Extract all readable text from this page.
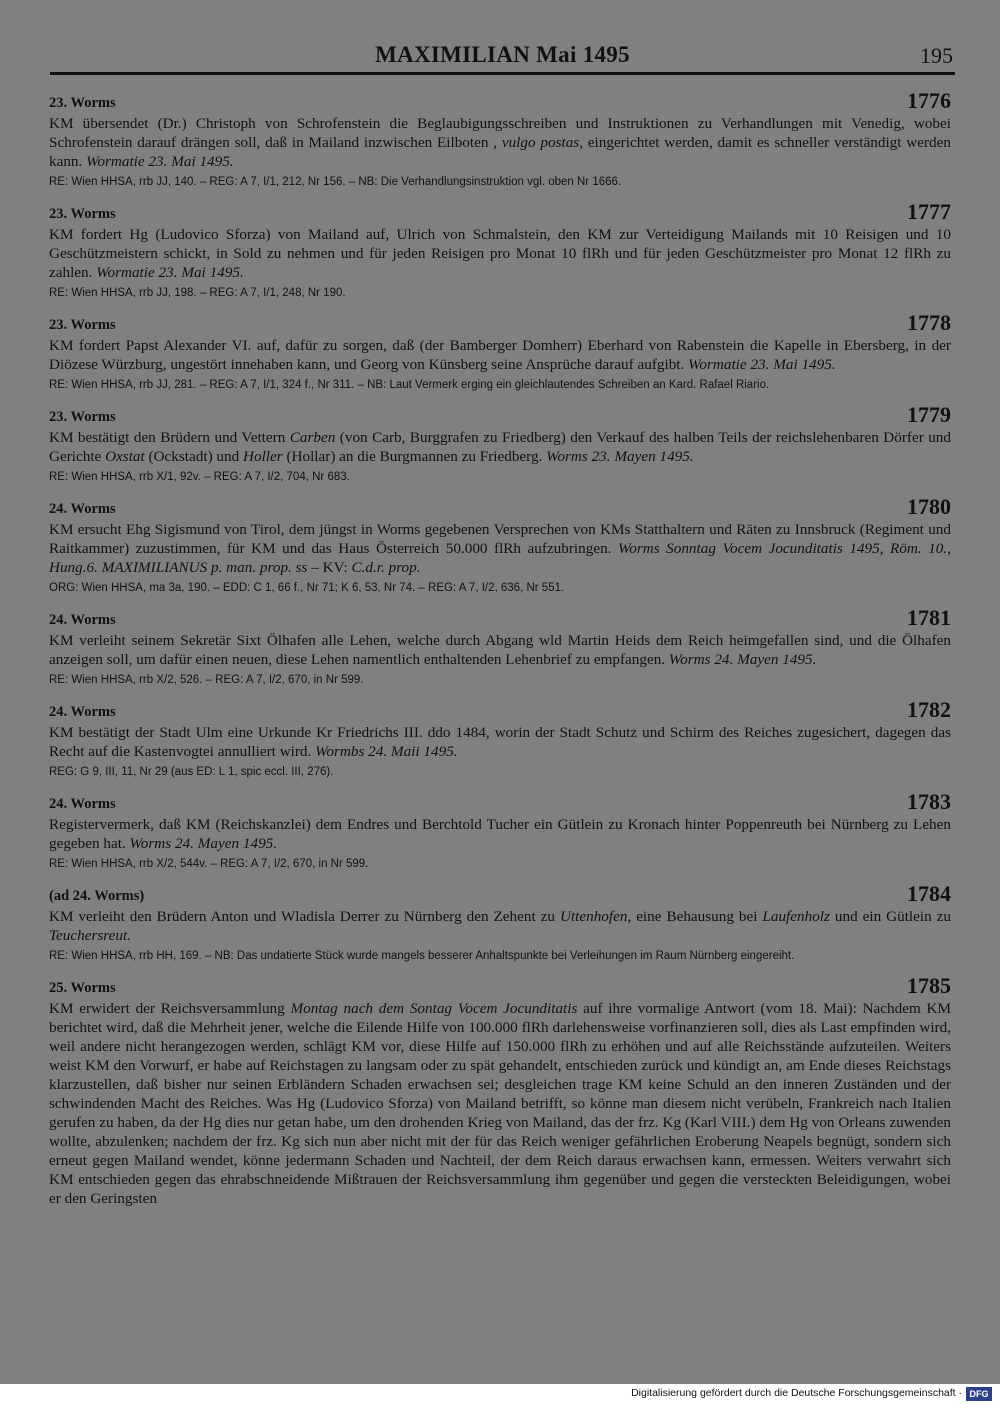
MAXIMILIAN Mai 1495	195
23. Worms	1776

KM übersendet (Dr.) Christoph von Schrofenstein die Beglaubigungsschreiben und Instruktionen zu Verhandlungen mit Venedig, wobei Schrofenstein darauf drängen soll, daß in Mailand inzwischen Eilboten , vulgo postas, eingerichtet werden, damit es schneller verständigt werden kann. Wormatie 23. Mai 1495.

RE: Wien HHSA, rrb JJ, 140. – REG: A 7, I/1, 212, Nr 156. – NB: Die Verhandlungsinstruktion vgl. oben Nr 1666.

23. Worms	1777

KM fordert Hg (Ludovico Sforza) von Mailand auf, Ulrich von Schmalstein, den KM zur Verteidigung Mailands mit 10 Reisigen und 10 Geschützmeistern schickt, in Sold zu nehmen und für jeden Reisigen pro Monat 10 flRh und für jeden Geschützmeister pro Monat 12 flRh zu zahlen. Wormatie 23. Mai 1495.

RE: Wien HHSA, rrb JJ, 198. – REG: A 7, I/1, 248, Nr 190.

23. Worms	1778

KM fordert Papst Alexander VI. auf, dafür zu sorgen, daß (der Bamberger Domherr) Eberhard von Rabenstein die Kapelle in Ebersberg, in der Diözese Würzburg, ungestört innehaben kann, und Georg von Künsberg seine Ansprüche darauf aufgibt. Wormatie 23. Mai 1495.

RE: Wien HHSA, rrb JJ, 281. – REG: A 7, I/1, 324 f., Nr 311. – NB: Laut Vermerk erging ein gleichlautendes Schreiben an Kard. Rafael Riario.

23. Worms	1779

KM bestätigt den Brüdern und Vettern Carben (von Carb, Burggrafen zu Friedberg) den Verkauf des halben Teils der reichslehenbaren Dörfer und Gerichte Oxstat (Ockstadt) und Holler (Hollar) an die Burgmannen zu Friedberg. Worms 23. Mayen 1495.

RE: Wien HHSA, rrb X/1, 92v. – REG: A 7, I/2, 704, Nr 683.

24. Worms	1780

KM ersucht Ehg Sigismund von Tirol, dem jüngst in Worms gegebenen Versprechen von KMs Statthaltern und Räten zu Innsbruck (Regiment und Raitkammer) zuzustimmen, für KM und das Haus Österreich 50.000 flRh aufzubringen. Worms Sonntag Vocem Jocunditatis 1495, Röm. 10., Hung.6. MAXIMILIANUS p. man. prop. ss – KV: C.d.r. prop.

ORG: Wien HHSA, ma 3a, 190. – EDD: C 1, 66 f., Nr 71; K 6, 53, Nr 74. – REG: A 7, I/2, 636, Nr 551.

24. Worms	1781

KM verleiht seinem Sekretär Sixt Ölhafen alle Lehen, welche durch Abgang wld Martin Heids dem Reich heimgefallen sind, und die Ölhafen anzeigen soll, um dafür einen neuen, diese Lehen namentlich enthaltenden Lehenbrief zu empfangen. Worms 24. Mayen 1495.

RE: Wien HHSA, rrb X/2, 526. – REG: A 7, I/2, 670, in Nr 599.

24. Worms	1782

KM bestätigt der Stadt Ulm eine Urkunde Kr Friedrichs III. ddo 1484, worin der Stadt Schutz und Schirm des Reiches zugesichert, dagegen das Recht auf die Kastenvogtei annulliert wird. Wormbs 24. Maii 1495.

REG: G 9, III, 11, Nr 29 (aus ED: L 1, spic eccl. III, 276).

24. Worms	1783

Registervermerk, daß KM (Reichskanzlei) dem Endres und Berchtold Tucher ein Gütlein zu Kronach hinter Poppenreuth bei Nürnberg zu Lehen gegeben hat. Worms 24. Mayen 1495.

RE: Wien HHSA, rrb X/2, 544v. – REG: A 7, I/2, 670, in Nr 599.

(ad 24. Worms)	1784

KM verleiht den Brüdern Anton und Wladisla Derrer zu Nürnberg den Zehent zu Uttenhofen, eine Behausung bei Laufenholz und ein Gütlein zu Teuchersreut.

RE: Wien HHSA, rrb HH, 169. – NB: Das undatierte Stück wurde mangels besserer Anhaltspunkte bei Verleihungen im Raum Nürnberg eingereiht.

25. Worms	1785

KM erwidert der Reichsversammlung Montag nach dem Sontag Vocem Jocunditatis auf ihre vormalige Antwort (vom 18. Mai): Nachdem KM berichtet wird, daß die Mehrheit jener, welche die Eilende Hilfe von 100.000 flRh darlehensweise vorfinanzieren soll, dies als Last empfinden wird, weil andere nicht herangezogen werden, schlägt KM vor, diese Hilfe auf 150.000 flRh zu erhöhen und auf alle Reichsstände aufzuteilen. Weiters weist KM den Vorwurf, er habe auf Reichstagen zu langsam oder zu spät gehandelt, entschieden zurück und kündigt an, am Ende dieses Reichstags klarzustellen, daß bisher nur seinen Erbländern Schaden erwachsen sei; desgleichen trage KM keine Schuld an den inneren Zuständen und der schwindenden Macht des Reiches. Was Hg (Ludovico Sforza) von Mailand betrifft, so könne man diesem nicht verübeln, Frankreich nach Italien gerufen zu haben, da der Hg dies nur getan habe, um den drohenden Krieg von Mailand, das der frz. Kg (Karl VIII.) dem Hg von Orleans zuwenden wollte, abzulenken; nachdem der frz. Kg sich nun aber nicht mit der für das Reich weniger gefährlichen Eroberung Neapels begnügt, sondern sich erneut gegen Mailand wendet, könne jedermann Schaden und Nachteil, der dem Reich daraus erwachsen kann, ermessen. Weiters verwahrt sich KM entschieden gegen das ehrabschneidende Mißtrauen der Reichsversammlung ihm gegenüber und gegen die versteckten Beleidigungen, wobei er den Geringsten

Digitalisierung gefördert durch die Deutsche Forschungsgemeinschaft · DFG
